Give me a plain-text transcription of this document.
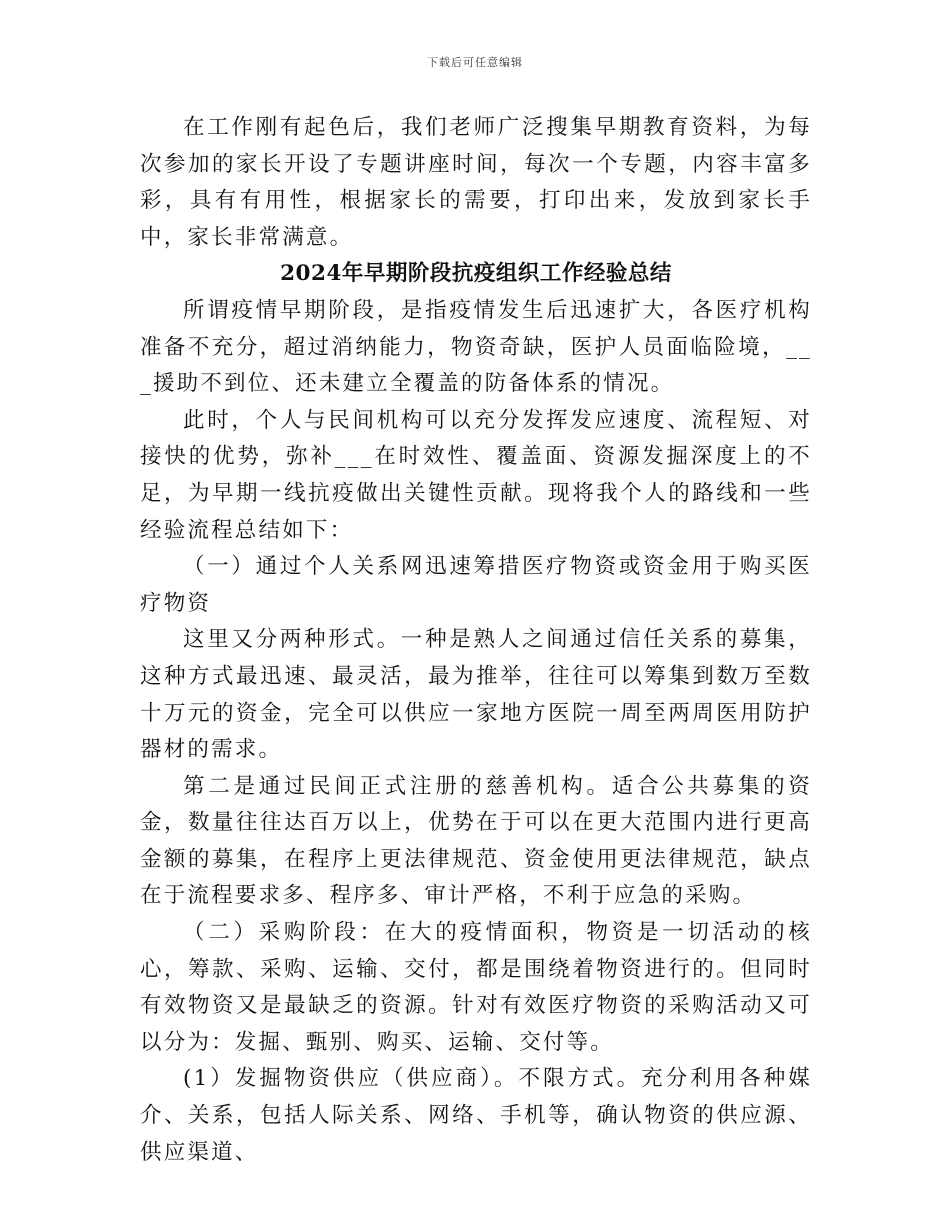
下载后可任意编辑

在工作刚有起色后，我们老师广泛搜集早期教育资料，为每次参加的家长开设了专题讲座时间，每次一个专题，内容丰富多彩，具有有用性，根据家长的需要，打印出来，发放到家长手中，家长非常满意。

2024年早期阶段抗疫组织工作经验总结

所谓疫情早期阶段，是指疫情发生后迅速扩大，各医疗机构准备不充分，超过消纳能力，物资奇缺，医护人员面临险境，___援助不到位、还未建立全覆盖的防备体系的情况。

此时，个人与民间机构可以充分发挥发应速度、流程短、对接快的优势，弥补___在时效性、覆盖面、资源发掘深度上的不足，为早期一线抗疫做出关键性贡献。现将我个人的路线和一些经验流程总结如下：

（一）通过个人关系网迅速筹措医疗物资或资金用于购买医疗物资

这里又分两种形式。一种是熟人之间通过信任关系的募集，这种方式最迅速、最灵活，最为推举，往往可以筹集到数万至数十万元的资金，完全可以供应一家地方医院一周至两周医用防护器材的需求。

第二是通过民间正式注册的慈善机构。适合公共募集的资金，数量往往达百万以上，优势在于可以在更大范围内进行更高金额的募集，在程序上更法律规范、资金使用更法律规范，缺点在于流程要求多、程序多、审计严格，不利于应急的采购。

（二）采购阶段：在大的疫情面积，物资是一切活动的核心，筹款、采购、运输、交付，都是围绕着物资进行的。但同时有效物资又是最缺乏的资源。针对有效医疗物资的采购活动又可以分为：发掘、甄别、购买、运输、交付等。

(1）发掘物资供应（供应商）。不限方式。充分利用各种媒介、关系，包括人际关系、网络、手机等，确认物资的供应源、供应渠道、
